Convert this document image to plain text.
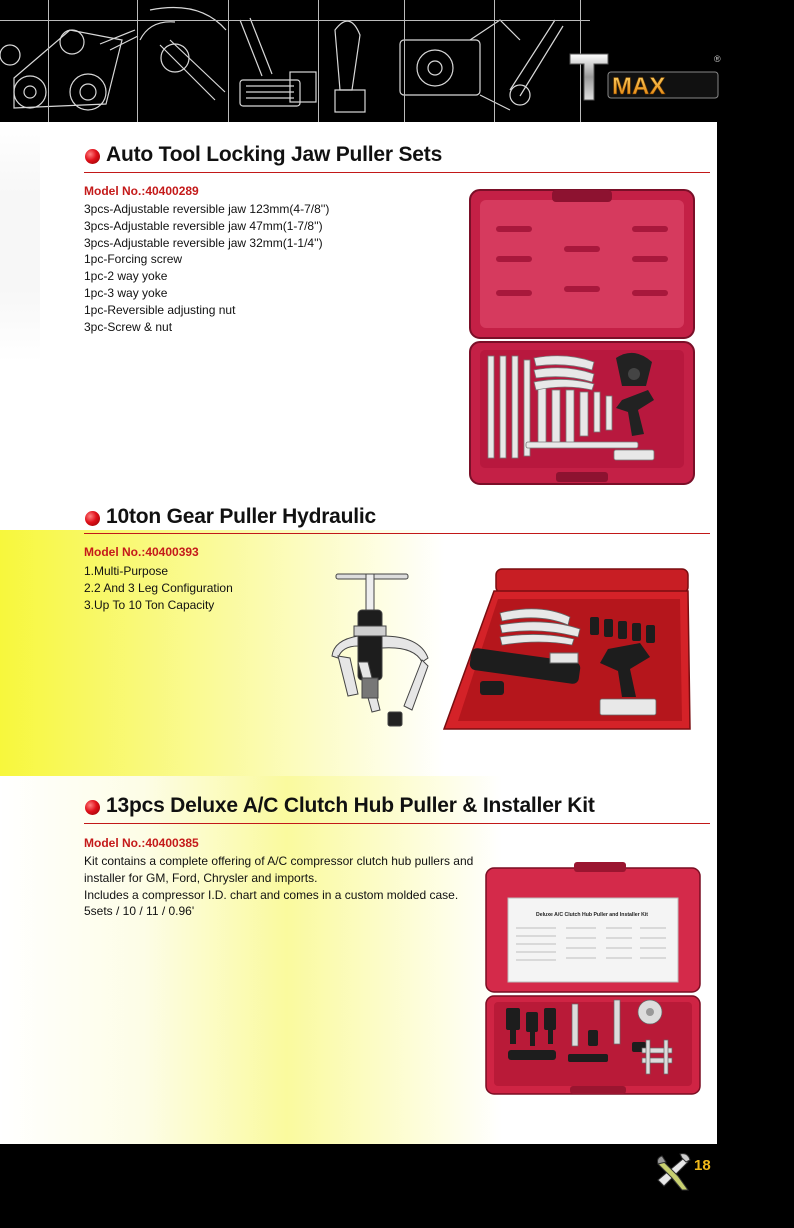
MAX
®
Auto Tool Locking Jaw Puller Sets
Model No.:40400289
3pcs-Adjustable reversible jaw 123mm(4-7/8'')
3pcs-Adjustable reversible jaw 47mm(1-7/8'')
3pcs-Adjustable reversible jaw 32mm(1-1/4'')
1pc-Forcing screw
1pc-2 way yoke
1pc-3 way yoke
1pc-Reversible adjusting nut
3pc-Screw & nut
10ton Gear Puller Hydraulic
Model No.:40400393
1.Multi-Purpose
2.2 And 3 Leg Configuration
3.Up To 10 Ton Capacity
13pcs Deluxe A/C Clutch Hub Puller & Installer Kit
Model No.:40400385
Kit contains a complete offering of A/C compressor clutch hub pullers and
installer for GM, Ford, Chrysler and imports.
Includes a compressor I.D. chart and comes in a custom molded case.
5sets / 10 / 11 / 0.96'	Deluxe A/C Clutch Hub Puller and Installer Kit
18
